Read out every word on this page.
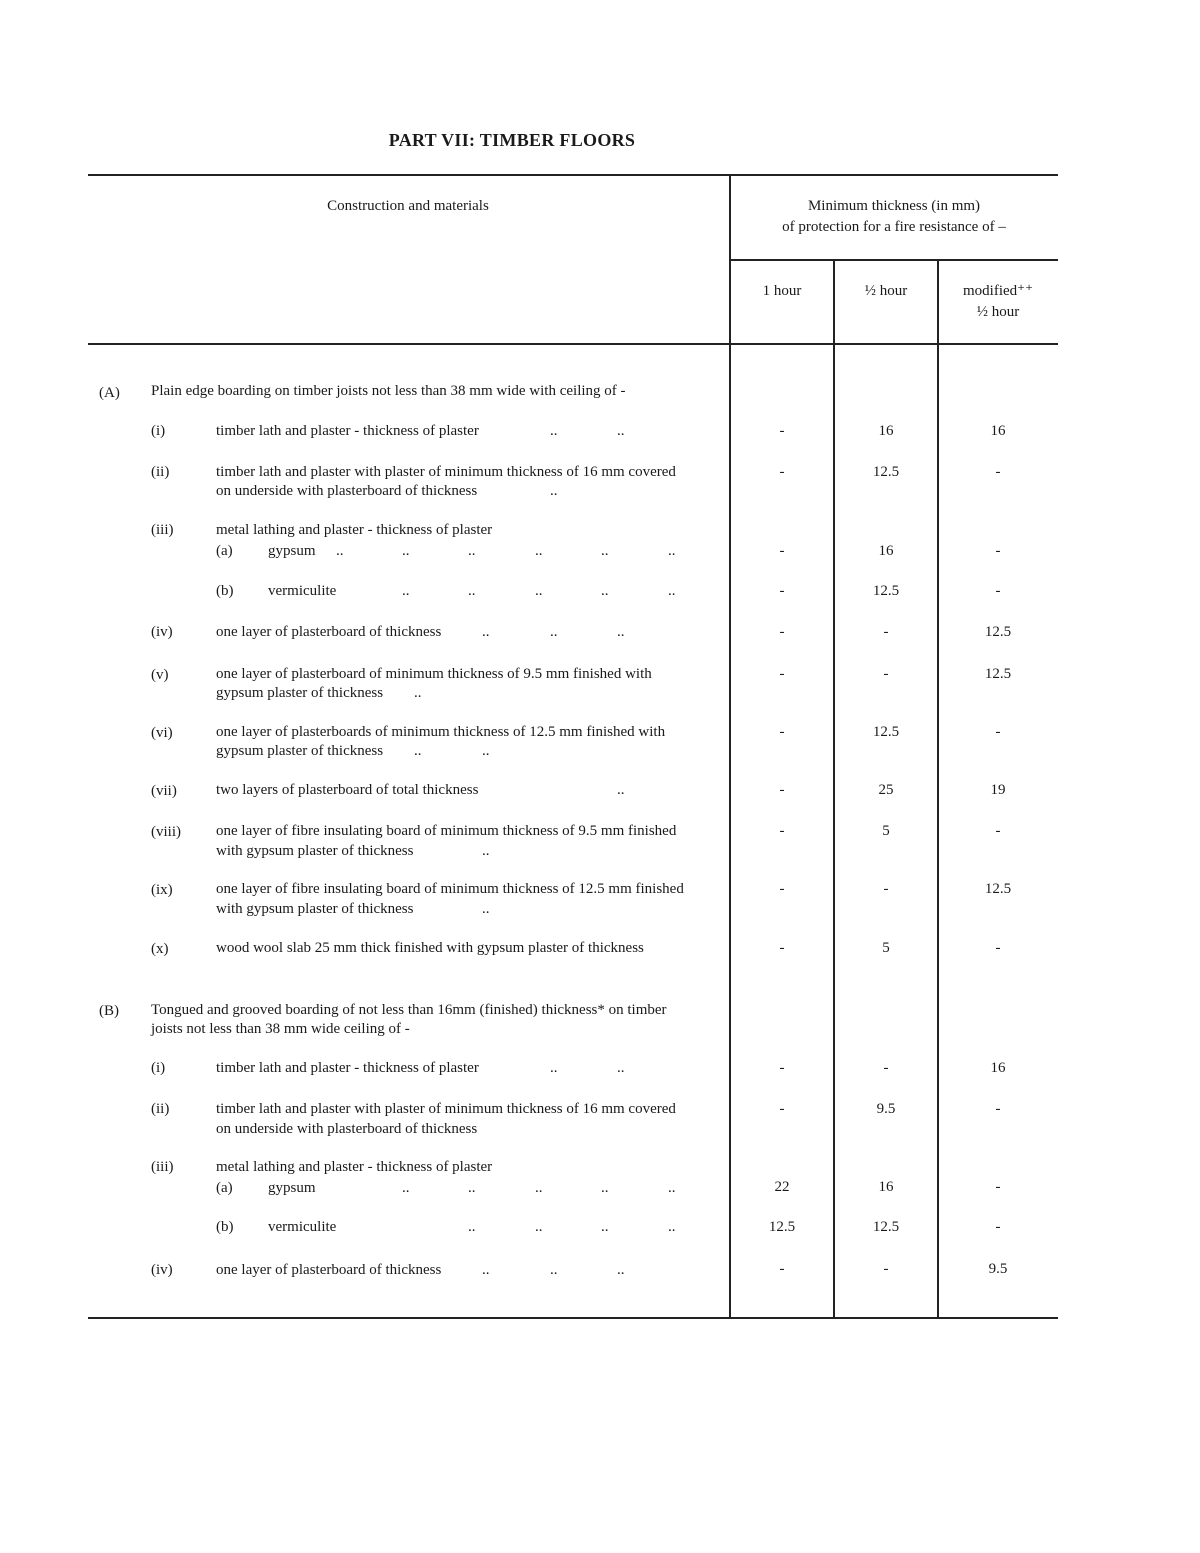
PART VII: TIMBER FLOORS
Construction and materials	Minimum thickness (in mm)
of protection for a fire resistance of –
1 hour	½ hour	modified⁺⁺
½ hour
(A) Plain edge boarding on timber joists not less than 38 mm wide with ceiling of -
(i)	timber lath and plaster - thickness of plaster	..	..	-	16	16
(ii)	timber lath and plaster with plaster of minimum thickness of 16 mm covered
on underside with plasterboard of thickness	..
-	12.5	-
(iii)	metal lathing and plaster - thickness of plaster
(a) gypsum ..	..	..	..	..	..	-	16	-
(b) vermiculite	..	..	..	..	..	-	12.5	-
(iv)	one layer of plasterboard of thickness	..	..	..	-	-	12.5
(v)	one layer of plasterboard of minimum thickness of 9.5 mm finished with
gypsum plaster of thickness ..
-	-	12.5
(vi)	one layer of plasterboards of minimum thickness of 12.5 mm finished with
gypsum plaster of thickness ..	..
-	12.5	-
(vii)	two layers of plasterboard of total thickness	..	-	25	19
(viii) one layer of fibre insulating board of minimum thickness of 9.5 mm finished
with gypsum plaster of thickness	..
-	5	-
(ix)	one layer of fibre insulating board of minimum thickness of 12.5 mm finished
with gypsum plaster of thickness	..
-	-	12.5
(x)	wood wool slab 25 mm thick finished with gypsum plaster of thickness	-	5	-
(B) Tongued and grooved boarding of not less than 16mm (finished) thickness* on timber
joists not less than 38 mm wide ceiling of -
(i)	timber lath and plaster - thickness of plaster	..	..	-	-	16
(ii)	timber lath and plaster with plaster of minimum thickness of 16 mm covered
on underside with plasterboard of thickness
-	9.5	-
(iii)	metal lathing and plaster - thickness of plaster
(a) gypsum	..	..	..	..	..	22	16	-
(b) vermiculite	..	..	..	..	12.5	12.5	-
(iv)	one layer of plasterboard of thickness	..	..	..	-	-	9.5
